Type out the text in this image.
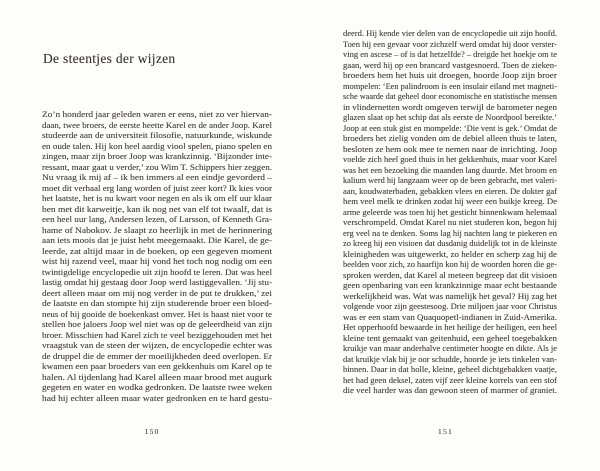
De steentjes der wijzen
Zo’n honderd jaar geleden waren er eens, niet zo ver hiervan-
daan, twee broers, de eerste heette Karel en de ander Joop. Karel
studeerde aan de universiteit filosofie, natuurkunde, wiskunde
en oude talen. Hij kon heel aardig viool spelen, piano spelen en
zingen, maar zijn broer Joop was krankzinnig. ‘Bijzonder inte-
ressant, maar gaat u verder,’ zou Wim T. Schippers hier zeggen.
Nu vraag ik mij af – ik ben immers al een eindje gevorderd –
moet dit verhaal erg lang worden of juist zeer kort? Ik kies voor
het laatste, het is nu kwart voor negen en als ik om elf uur klaar
ben met dit karweitje, kan ik nog net van elf tot twaalf, dat is
een heel uur lang, Andersen lezen, of Larsson, of Kenneth Gra-
hame of Nabokov. Je slaapt zo heerlijk in met de herinnering
aan iets moois dat je juist hebt meegemaakt. Die Karel, de ge-
leerde, zat altijd maar in de boeken, op een gegeven moment
wist hij razend veel, maar hij vond het toch nog nodig om een
twintigdelige encyclopedie uit zijn hoofd te leren. Dat was heel
lastig omdat hij gestaag door Joop werd lastiggevallen. ‘Jij stu-
deert alleen maar om mij nog verder in de put te drukken,’ zei
de laatste en dan stompte hij zijn studerende broer een bloed-
neus of hij gooide de boekenkast omver. Het is haast niet voor te
stellen hoe jaloers Joop wel niet was op de geleerdheid van zijn
broer. Misschien had Karel zich te veel beziggehouden met het
vraagstuk van de steen der wijzen, de encyclopedie echter was
de druppel die de emmer der moeilijkheden deed overlopen. Er
kwamen een paar broeders van een gekkenhuis om Karel op te
halen. Al tijdenlang had Karel alleen maar brood met augurk
gegeten en water en wodka gedronken. De laatste twee weken
had hij echter alleen maar water gedronken en te hard gestu-
deerd. Hij kende vier delen van de encyclopedie uit zijn hoofd.
Toen hij een gevaar voor zichzelf werd omdat hij door verster-
ving en ascese – of is dat hetzelfde? – dreigde het hoekje om te
gaan, werd hij op een brancard vastgesnoerd. Toen de zieken-
broeders hem het huis uit droegen, hoorde Joop zijn broer
mompelen: ‘Een palindroom is een insulair eiland met magneti-
sche waarde dat geheel door economische en statistische mensen
in vlindernetten wordt omgeven terwijl de barometer negen
glazen slaat op het schip dat als eerste de Noordpool bereikte.’
Joop at een stuk gist en mompelde: ‘Die vent is gek.’ Omdat de
broeders het zielig vonden om de debiel alleen thuis te laten,
besloten ze hem ook mee te nemen naar de inrichting. Joop
voelde zich heel goed thuis in het gekkenhuis, maar voor Karel
was het een bezoeking die maanden lang duurde. Met broom en
kalium werd hij langzaam weer op de been gebracht, met valeri-
aan, koudwaterbaden, gebakken vlees en eieren. De dokter gaf
hem veel melk te drinken zodat hij weer een buikje kreeg. De
arme geleerde was toen hij het gesticht binnenkwam helemaal
verschrompeld. Omdat Karel nu niet studeren kon, begon hij
erg veel na te denken. Soms lag hij nachten lang te piekeren en
zo kreeg hij een visioen dat dusdanig duidelijk tot in de kleinste
kleinigheden was uitgewerkt, zo helder en scherp zag hij de
beelden voor zich, zo haarfijn kon hij de woorden horen die ge-
sproken werden, dat Karel al meteen begreep dat dit visioen
geen openbaring van een krankzinnige maar echt bestaande
werkelijkheid was. Wat was namelijk het geval? Hij zag het
volgende voor zijn geestesoog. Drie miljoen jaar voor Christus
was er een stam van Quaquopetl-indianen in Zuid-Amerika.
Het opperhoofd bewaarde in het heilige der heiligen, een heel
kleine tent gemaakt van geitenhuid, een geheel toegebakken
kruikje van maar anderhalve centimeter hoogte en dikte. Als je
dat kruikje vlak bij je oor schudde, hoorde je iets tinkelen van-
binnen. Daar in dat holle, kleine, geheel dichtgebakken vaatje,
het had geen deksel, zaten vijf zeer kleine korrels van een stof
die veel harder was dan gewoon steen of marmer of graniet.
150	151
